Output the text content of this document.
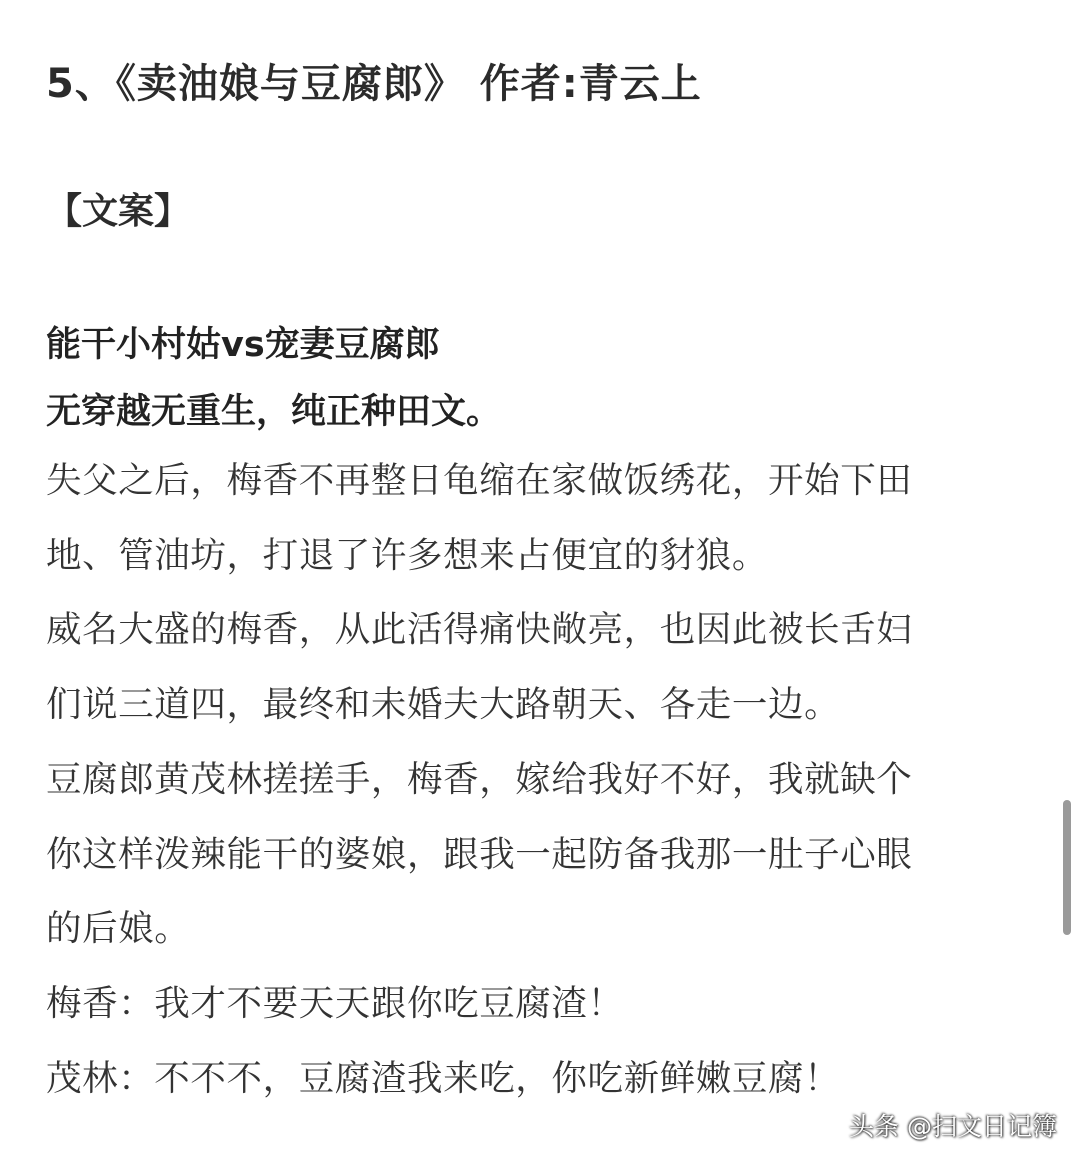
5、《卖油娘与豆腐郎》 作者:青云上
【文案】
能干小村姑vs宠妻豆腐郎
无穿越无重生，纯正种田文。
失父之后，梅香不再整日龟缩在家做饭绣花，开始下田
地、管油坊，打退了许多想来占便宜的豺狼。
威名大盛的梅香，从此活得痛快敞亮，也因此被长舌妇
们说三道四，最终和未婚夫大路朝天、各走一边。
豆腐郎黄茂林搓搓手，梅香，嫁给我好不好，我就缺个
你这样泼辣能干的婆娘，跟我一起防备我那一肚子心眼
的后娘。
梅香：我才不要天天跟你吃豆腐渣！
茂林：不不不，豆腐渣我来吃，你吃新鲜嫩豆腐！
头条 @扫文日记簿
